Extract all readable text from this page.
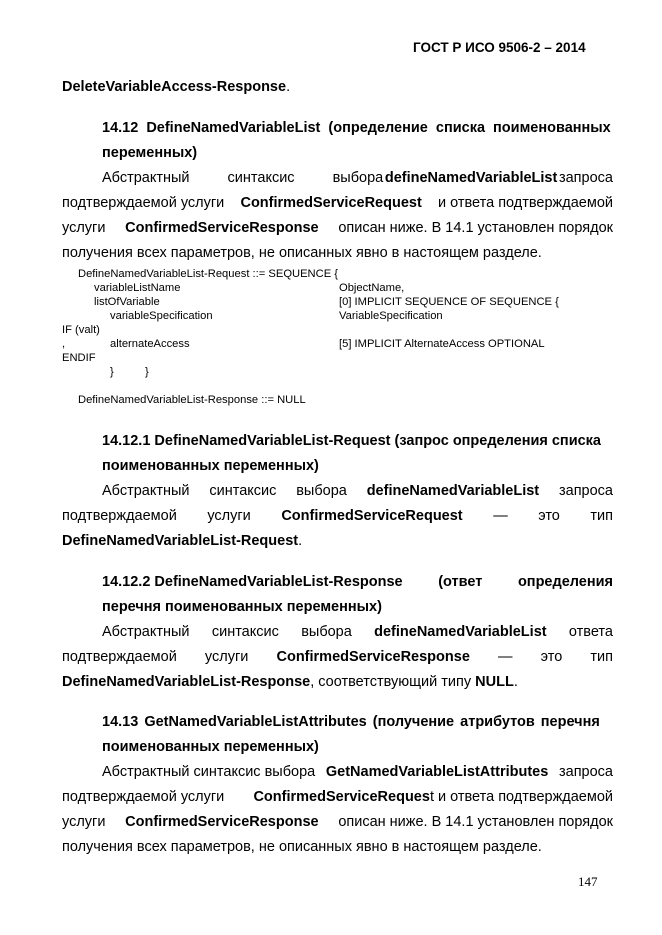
ГОСТ Р ИСО 9506-2 – 2014
DeleteVariableAccess-Response.
14.12 DefineNamedVariableList (определение списка поименованных
переменных)
Абстрактный синтаксис выбора defineNamedVariableList запроса
подтверждаемой услуги ConfirmedServiceRequest и ответа подтверждаемой
услуги ConfirmedServiceResponse описан ниже. В 14.1 установлен порядок
получения всех параметров, не описанных явно в настоящем разделе.
DefineNamedVariableList-Request ::= SEQUENCE {
variableListName	ObjectName,
listOfVariable	[0] IMPLICIT SEQUENCE OF SEQUENCE {
variableSpecification	VariableSpecification
IF (valt)
,	alternateAccess	[5] IMPLICIT AlternateAccess OPTIONAL
ENDIF
}	}
DefineNamedVariableList-Response ::= NULL
14.12.1 DefineNamedVariableList-Request (запрос определения списка
поименованных переменных)
Абстрактный синтаксис выбора defineNamedVariableList запроса
подтверждаемой услуги ConfirmedServiceRequest — это тип
DefineNamedVariableList-Request.
14.12.2 DefineNamedVariableList-Response (ответ определения
перечня поименованных переменных)
Абстрактный синтаксис выбора defineNamedVariableList ответа
подтверждаемой услуги ConfirmedServiceResponse — это тип
DefineNamedVariableList-Response, соответствующий типу NULL.
14.13 GetNamedVariableListAttributes (получение атрибутов перечня
поименованных переменных)
Абстрактный синтаксис выбора GetNamedVariableListAttributes запроса
подтверждаемой услуги ConfirmedServiceRequest и ответа подтверждаемой
услуги ConfirmedServiceResponse описан ниже. В 14.1 установлен порядок
получения всех параметров, не описанных явно в настоящем разделе.
147
